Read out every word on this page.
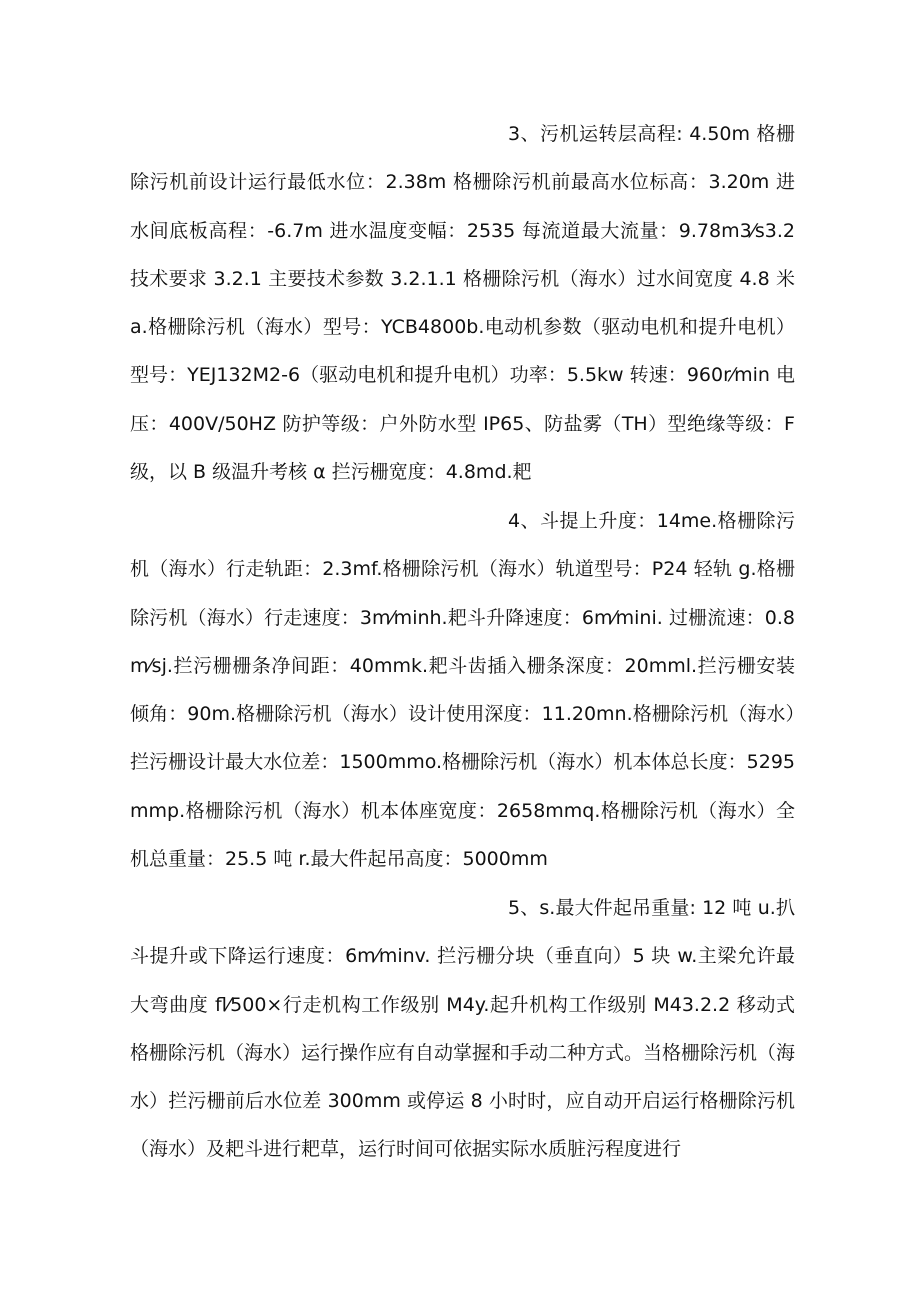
3、污机运转层高程: 4.50m 格栅除污机前设计运行最低水位：2.38m 格栅除污机前最高水位标高：3.20m 进水间底板高程：-6.7m 进水温度变幅：2535 每流道最大流量：9.78m3⁄s3.2 技术要求 3.2.1 主要技术参数 3.2.1.1 格栅除污机（海水）过水间宽度 4.8 米 a.格栅除污机（海水）型号：YCB4800b.电动机参数（驱动电机和提升电机）型号：YEJ132M2-6（驱动电机和提升电机）功率：5.5kw 转速：960r⁄min 电压：400V/50HZ 防护等级：户外防水型 IP65、防盐雾（TH）型绝缘等级：F 级，以 B 级温升考核 α 拦污栅宽度：4.8md.耙

4、斗提上升度：14me.格栅除污机（海水）行走轨距：2.3mf.格栅除污机（海水）轨道型号：P24 轻轨 g.格栅除污机（海水）行走速度：3m⁄minh.耙斗升降速度：6m⁄mini. 过栅流速：0.8m⁄sj.拦污栅栅条净间距：40mmk.耙斗齿插入栅条深度：20mml.拦污栅安装倾角：90m.格栅除污机（海水）设计使用深度：11.20mn.格栅除污机（海水）拦污栅设计最大水位差：1500mmo.格栅除污机（海水）机本体总长度：5295mmp.格栅除污机（海水）机本体座宽度：2658mmq.格栅除污机（海水）全机总重量：25.5 吨 r.最大件起吊高度：5000mm

5、s.最大件起吊重量: 12 吨 u.扒斗提升或下降运行速度：6m⁄minv. 拦污栅分块（垂直向）5 块 w.主梁允许最大弯曲度 fl⁄500×行走机构工作级别 M4y.起升机构工作级别 M43.2.2 移动式格栅除污机（海水）运行操作应有自动掌握和手动二种方式。当格栅除污机（海水）拦污栅前后水位差 300mm 或停运 8 小时时，应自动开启运行格栅除污机（海水）及耙斗进行耙草，运行时间可依据实际水质脏污程度进行
